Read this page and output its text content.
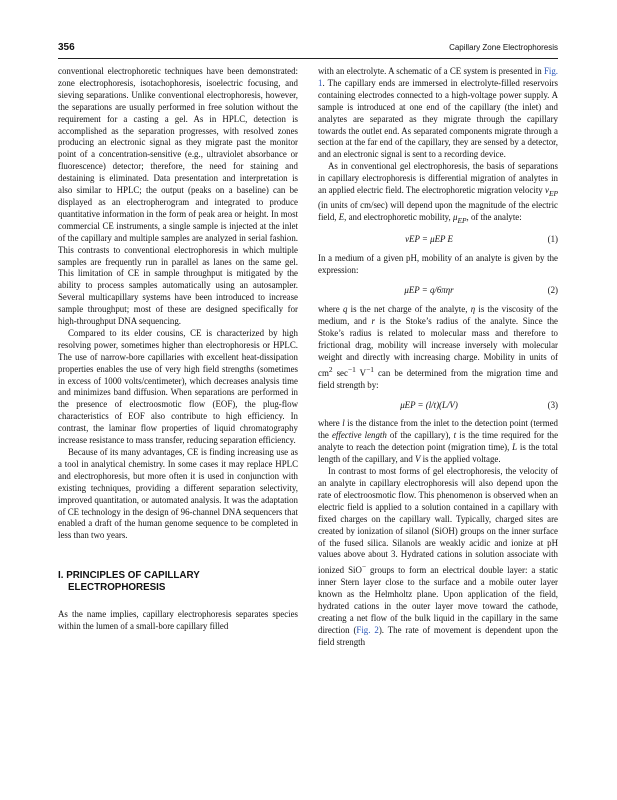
356	Capillary Zone Electrophoresis

conventional electrophoretic techniques have been demonstrated: zone electrophoresis, isotachophoresis, isoelectric focusing, and sieving separations. Unlike conventional electrophoresis, however, the separations are usually performed in free solution without the requirement for a casting a gel. As in HPLC, detection is accomplished as the separation progresses, with resolved zones producing an electronic signal as they migrate past the monitor point of a concentration-sensitive (e.g., ultraviolet absorbance or fluorescence) detector; therefore, the need for staining and destaining is eliminated. Data presentation and interpretation is also similar to HPLC; the output (peaks on a baseline) can be displayed as an electropherogram and integrated to produce quantitative information in the form of peak area or height. In most commercial CE instruments, a single sample is injected at the inlet of the capillary and multiple samples are analyzed in serial fashion. This contrasts to conventional electrophoresis in which multiple samples are frequently run in parallel as lanes on the same gel. This limitation of CE in sample throughput is mitigated by the ability to process samples automatically using an autosampler. Several multicapillary systems have been introduced to increase sample throughput; most of these are designed specifically for high-throughput DNA sequencing.

Compared to its elder cousins, CE is characterized by high resolving power, sometimes higher than electrophoresis or HPLC. The use of narrow-bore capillaries with excellent heat-dissipation properties enables the use of very high field strengths (sometimes in excess of 1000 volts/centimeter), which decreases analysis time and minimizes band diffusion. When separations are performed in the presence of electroosmotic flow (EOF), the plug-flow characteristics of EOF also contribute to high efficiency. In contrast, the laminar flow properties of liquid chromatography increase resistance to mass transfer, reducing separation efficiency.

Because of its many advantages, CE is finding increasing use as a tool in analytical chemistry. In some cases it may replace HPLC and electrophoresis, but more often it is used in conjunction with existing techniques, providing a different separation selectivity, improved quantitation, or automated analysis. It was the adaptation of CE technology in the design of 96-channel DNA sequencers that enabled a draft of the human genome sequence to be completed in less than two years.

I. PRINCIPLES OF CAPILLARY
ELECTROPHORESIS

As the name implies, capillary electrophoresis separates species within the lumen of a small-bore capillary filled

with an electrolyte. A schematic of a CE system is presented in Fig. 1. The capillary ends are immersed in electrolyte-filled reservoirs containing electrodes connected to a high-voltage power supply. A sample is introduced at one end of the capillary (the inlet) and analytes are separated as they migrate through the capillary towards the outlet end. As separated components migrate through a section at the far end of the capillary, they are sensed by a detector, and an electronic signal is sent to a recording device.

As in conventional gel electrophoresis, the basis of separations in capillary electrophoresis is differential migration of analytes in an applied electric field. The electrophoretic migration velocity $v_{EP}$ (in units of cm/sec) will depend upon the magnitude of the electric field, E, and electrophoretic mobility, $\mu_{EP}$, of the analyte:

vEP = μEP E	(1)

In a medium of a given pH, mobility of an analyte is given by the expression:

μEP = q/6πηr	(2)

where q is the net charge of the analyte, η is the viscosity of the medium, and r is the Stoke’s radius of the analyte. Since the Stoke’s radius is related to molecular mass and therefore to frictional drag, mobility will increase inversely with molecular weight and directly with increasing charge. Mobility in units of $cm^2$ $\sec^{-1} V^{-1}$ can be determined from the migration time and field strength by:

μEP = (l/t)(L/V)	(3)

where l is the distance from the inlet to the detection point (termed the effective length of the capillary), t is the time required for the analyte to reach the detection point (migration time), L is the total length of the capillary, and V is the applied voltage.

In contrast to most forms of gel electrophoresis, the velocity of an analyte in capillary electrophoresis will also depend upon the rate of electroosmotic flow. This phenomenon is observed when an electric field is applied to a solution contained in a capillary with fixed charges on the capillary wall. Typically, charged sites are created by ionization of silanol (SiOH) groups on the inner surface of the fused silica. Silanols are weakly acidic and ionize at pH values above about 3. Hydrated cations in solution associate with ionized SiO− groups to form an electrical double layer: a static inner Stern layer close to the surface and a mobile outer layer known as the Helmholtz plane. Upon application of the field, hydrated cations in the outer layer move toward the cathode, creating a net flow of the bulk liquid in the capillary in the same direction (Fig. 2). The rate of movement is dependent upon the field strength
